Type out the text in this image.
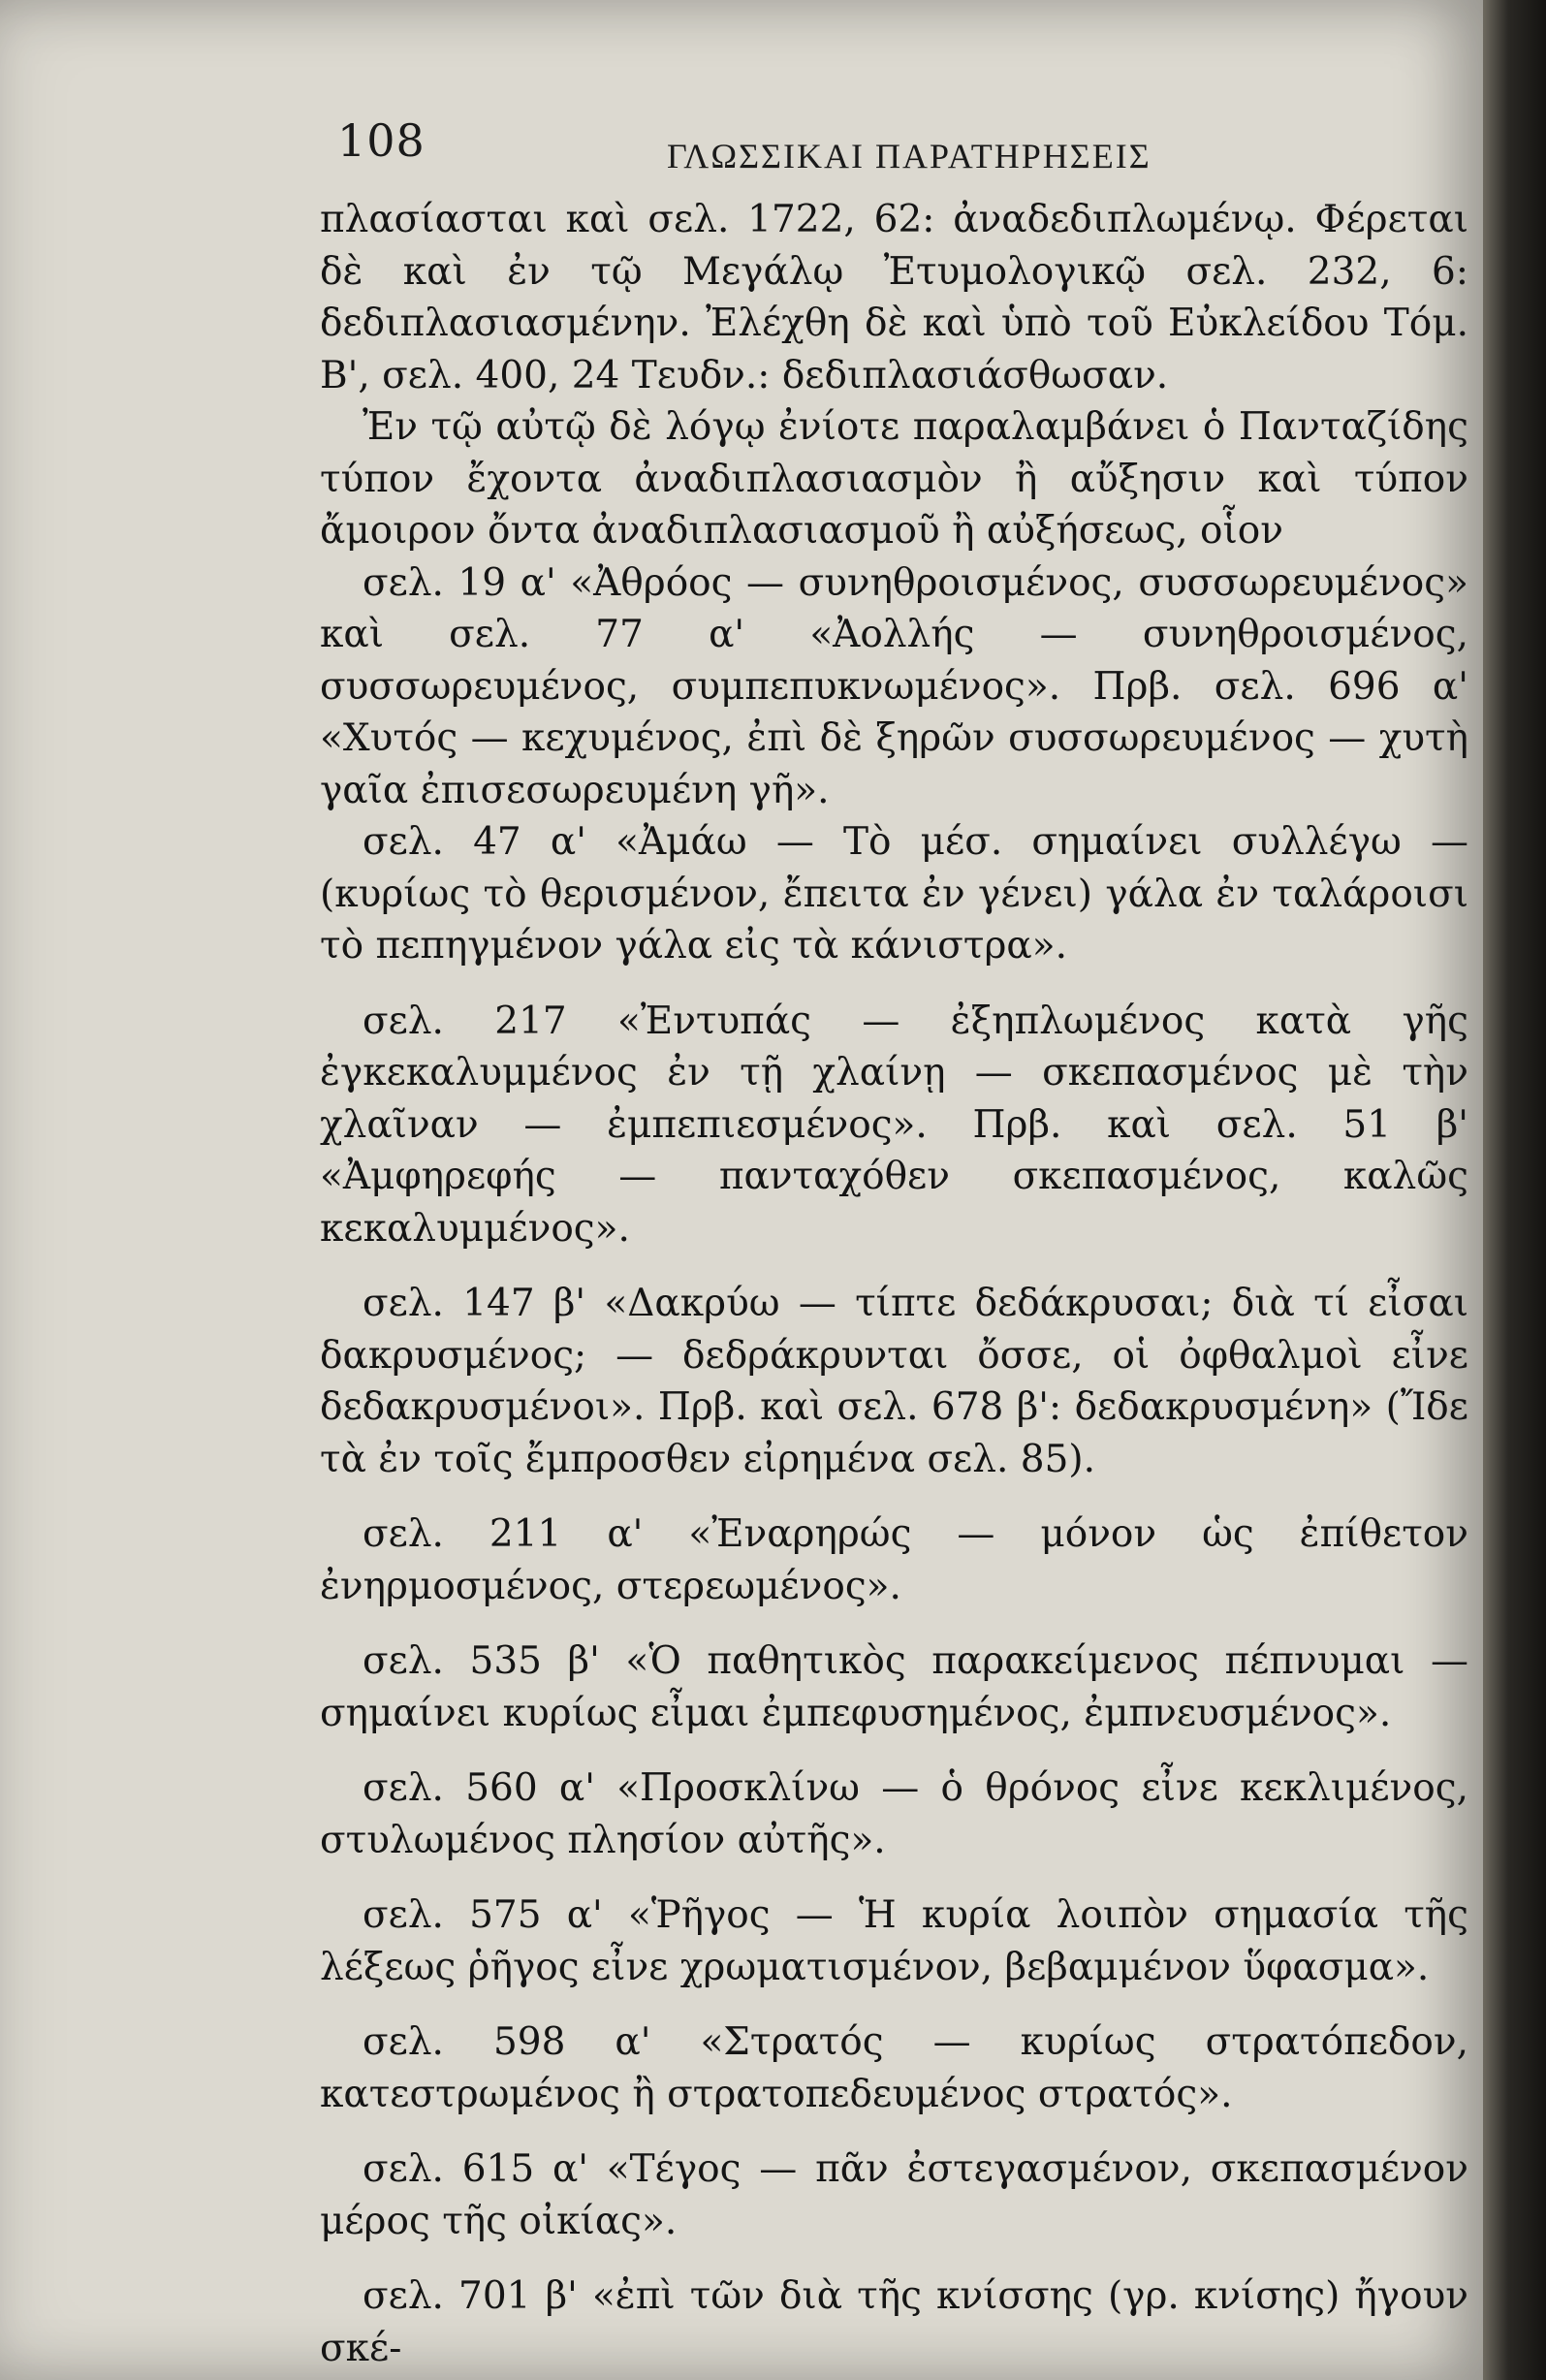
108	ΓΛΩΣΣΙΚΑΙ ΠΑΡΑΤΗΡΗΣΕΙΣ

πλασίασται καὶ σελ. 1722, 62: ἀναδεδιπλωμένῳ. Φέρεται δὲ καὶ ἐν τῷ Μεγάλῳ Ἐτυμολογικῷ σελ. 232, 6: δεδιπλασιασμένην. Ἐλέχθη δὲ καὶ ὑπὸ τοῦ Εὐκλείδου Τόμ. Β', σελ. 400, 24 Τευδν.: δεδιπλασιάσθωσαν.

Ἐν τῷ αὐτῷ δὲ λόγῳ ἐνίοτε παραλαμβάνει ὁ Πανταζίδης τύπον ἔχοντα ἀναδιπλασιασμὸν ἢ αὔξησιν καὶ τύπον ἄμοιρον ὄντα ἀναδιπλασιασμοῦ ἢ αὐξήσεως, οἷον

σελ. 19 α' «Ἀθρόος — συνηθροισμένος, συσσωρευμένος» καὶ σελ. 77 α' «Ἀολλής — συνηθροισμένος, συσσωρευμένος, συμπεπυκνωμένος». Πρβ. σελ. 696 α' «Χυτός — κεχυμένος, ἐπὶ δὲ ξηρῶν συσσωρευμένος — χυτὴ γαῖα ἐπισεσωρευμένη γῆ».

σελ. 47 α' «Ἀμάω — Τὸ μέσ. σημαίνει συλλέγω — (κυρίως τὸ θερισμένον, ἔπειτα ἐν γένει) γάλα ἐν ταλάροισι τὸ πεπηγμένον γάλα εἰς τὰ κάνιστρα».

σελ. 217 «Ἐντυπάς — ἐξηπλωμένος κατὰ γῆς ἐγκεκαλυμμένος ἐν τῇ χλαίνῃ — σκεπασμένος μὲ τὴν χλαῖναν — ἐμπεπιεσμένος». Πρβ. καὶ σελ. 51 β' «Ἀμφηρεφής — πανταχόθεν σκεπασμένος, καλῶς κεκαλυμμένος».

σελ. 147 β' «Δακρύω — τίπτε δεδάκρυσαι; διὰ τί εἶσαι δακρυσμένος; — δεδράκρυνται ὄσσε, οἱ ὀφθαλμοὶ εἶνε δεδακρυσμένοι». Πρβ. καὶ σελ. 678 β': δεδακρυσμένη» (Ἴδε τὰ ἐν τοῖς ἔμπροσθεν εἰρημένα σελ. 85).

σελ. 211 α' «Ἐναρηρώς — μόνον ὡς ἐπίθετον ἐνηρμοσμένος, στερεωμένος».

σελ. 535 β' «Ὁ παθητικὸς παρακείμενος πέπνυμαι — σημαίνει κυρίως εἶμαι ἐμπεφυσημένος, ἐμπνευσμένος».

σελ. 560 α' «Προσκλίνω — ὁ θρόνος εἶνε κεκλιμένος, στυλωμένος πλησίον αὐτῆς».

σελ. 575 α' «Ῥῆγος — Ἡ κυρία λοιπὸν σημασία τῆς λέξεως ῥῆγος εἶνε χρωματισμένον, βεβαμμένον ὕφασμα».

σελ. 598 α' «Στρατός — κυρίως στρατόπεδον, κατεστρωμένος ἢ στρατοπεδευμένος στρατός».

σελ. 615 α' «Τέγος — πᾶν ἐστεγασμένον, σκεπασμένον μέρος τῆς οἰκίας».

σελ. 701 β' «ἐπὶ τῶν διὰ τῆς κνίσσης (γρ. κνίσης) ἤγουν σκέ-
